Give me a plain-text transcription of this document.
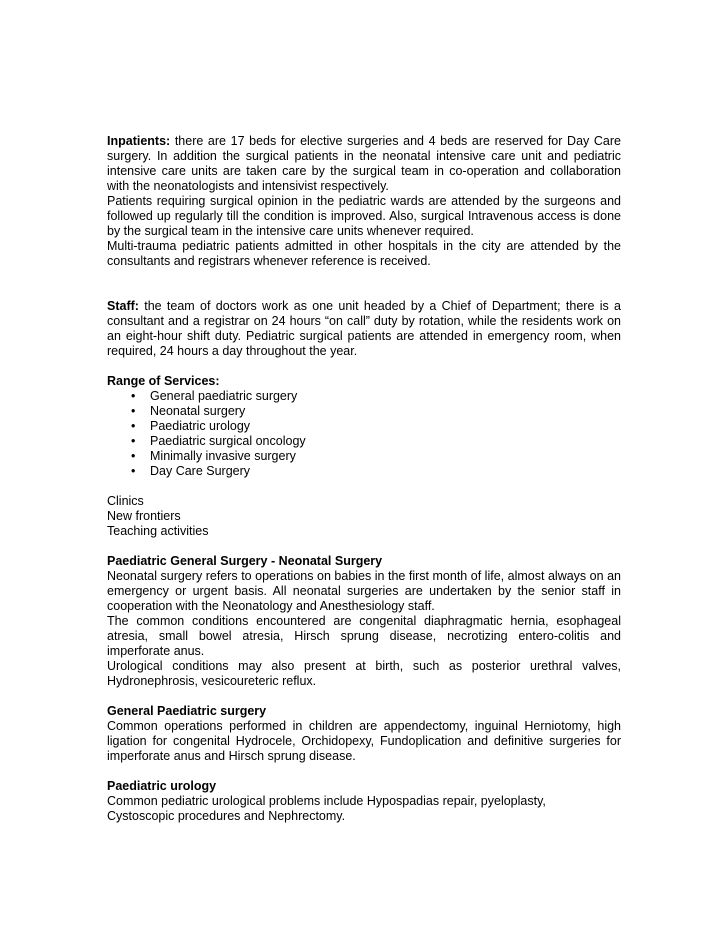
Inpatients: there are 17 beds for elective surgeries and 4 beds are reserved for Day Care surgery. In addition the surgical patients in the neonatal intensive care unit and pediatric intensive care units are taken care by the surgical team in co-operation and collaboration with the neonatologists and intensivist respectively.

Patients requiring surgical opinion in the pediatric wards are attended by the surgeons and followed up regularly till the condition is improved. Also, surgical Intravenous access is done by the surgical team in the intensive care units whenever required.

Multi-trauma pediatric patients admitted in other hospitals in the city are attended by the consultants and registrars whenever reference is received.

Staff: the team of doctors work as one unit headed by a Chief of Department; there is a consultant and a registrar on 24 hours “on call” duty by rotation, while the residents work on an eight-hour shift duty. Pediatric surgical patients are attended in emergency room, when required, 24 hours a day throughout the year.

Range of Services:

• General paediatric surgery
• Neonatal surgery
• Paediatric urology
• Paediatric surgical oncology
• Minimally invasive surgery
• Day Care Surgery

Clinics

New frontiers

Teaching activities

Paediatric General Surgery - Neonatal Surgery

Neonatal surgery refers to operations on babies in the first month of life, almost always on an emergency or urgent basis. All neonatal surgeries are undertaken by the senior staff in cooperation with the Neonatology and Anesthesiology staff.

The common conditions encountered are congenital diaphragmatic hernia, esophageal atresia, small bowel atresia, Hirsch sprung disease, necrotizing entero-colitis and imperforate anus.

Urological conditions may also present at birth, such as posterior urethral valves, Hydronephrosis, vesicoureteric reflux.

General Paediatric surgery

Common operations performed in children are appendectomy, inguinal Herniotomy, high ligation for congenital Hydrocele, Orchidopexy, Fundoplication and definitive surgeries for imperforate anus and Hirsch sprung disease.

Paediatric urology

Common pediatric urological problems include Hypospadias repair, pyeloplasty,

Cystoscopic procedures and Nephrectomy.
